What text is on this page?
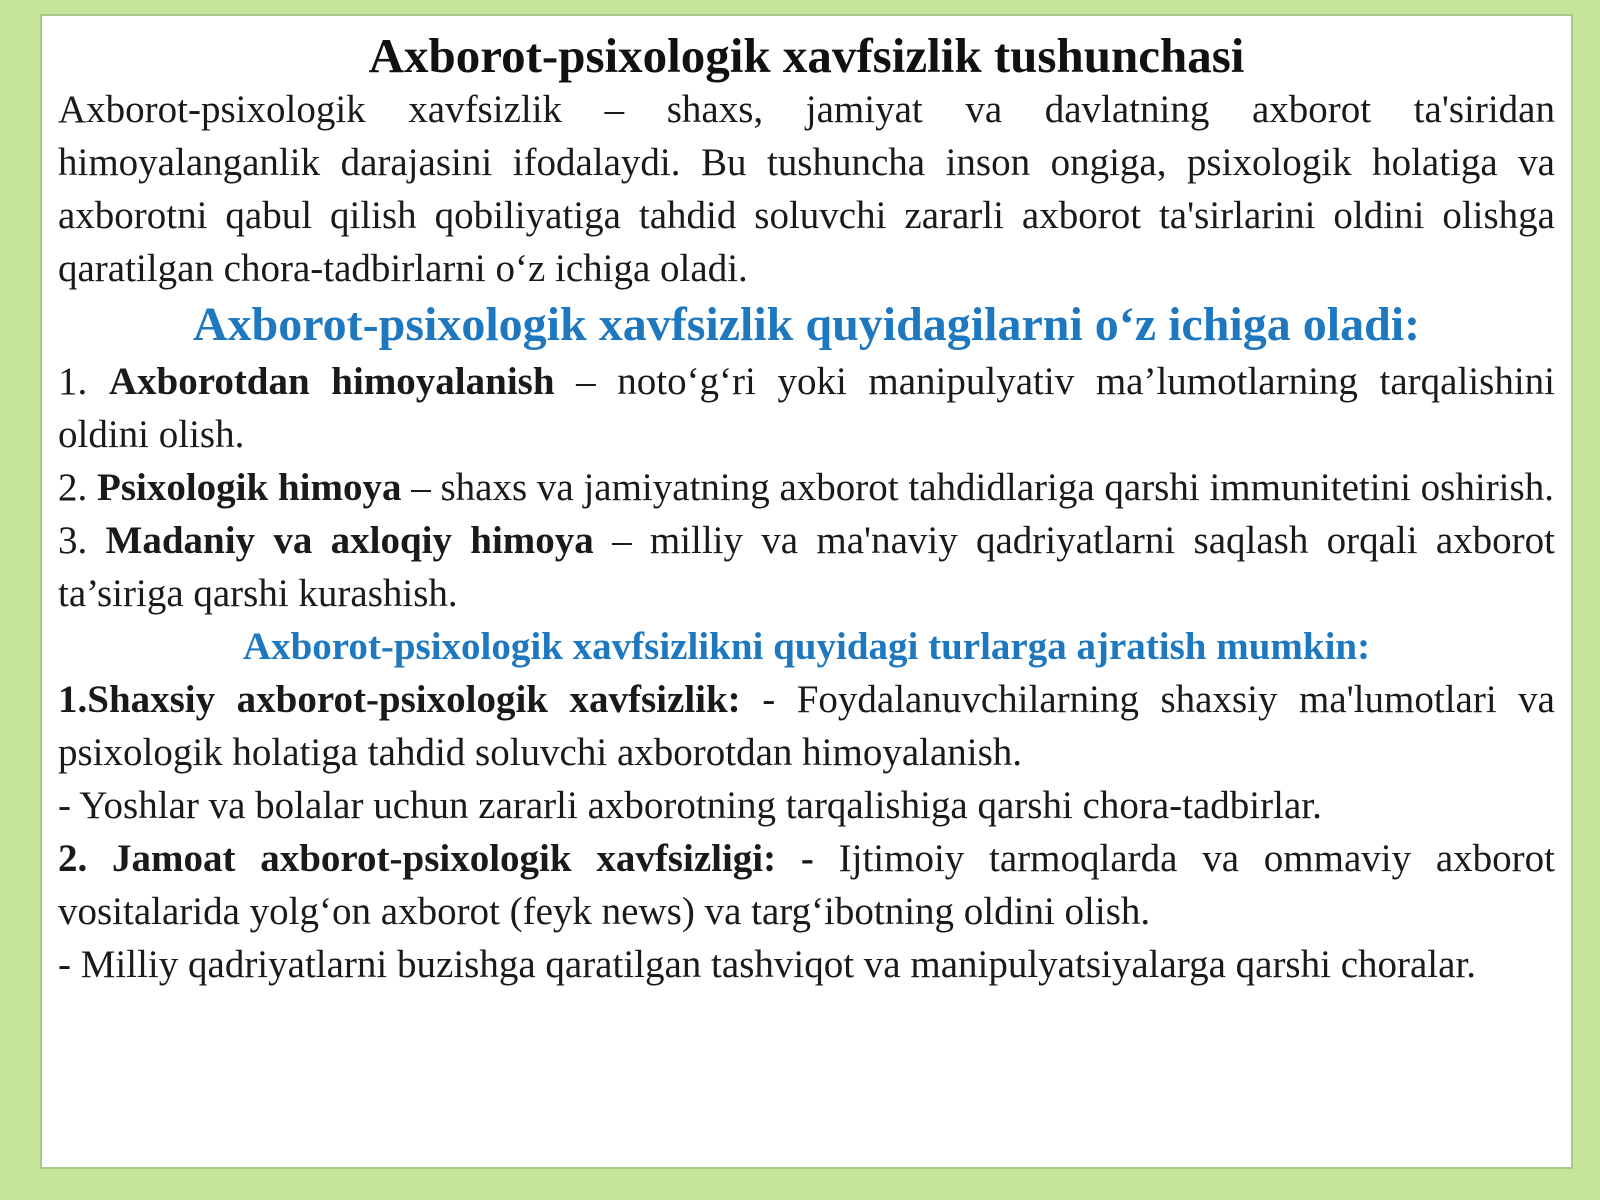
Axborot-psixologik xavfsizlik tushunchasi

Axborot-psixologik xavfsizlik – shaxs, jamiyat va davlatning axborot ta'siridan himoyalanganlik darajasini ifodalaydi. Bu tushuncha inson ongiga, psixologik holatiga va axborotni qabul qilish qobiliyatiga tahdid soluvchi zararli axborot ta'sirlarini oldini olishga qaratilgan chora-tadbirlarni o‘z ichiga oladi.

Axborot-psixologik xavfsizlik quyidagilarni o‘z ichiga oladi:

1. Axborotdan himoyalanish – noto‘g‘ri yoki manipulyativ ma’lumotlarning tarqalishini oldini olish.

2. Psixologik himoya – shaxs va jamiyatning axborot tahdidlariga qarshi immunitetini oshirish.

3. Madaniy va axloqiy himoya – milliy va ma'naviy qadriyatlarni saqlash orqali axborot ta’siriga qarshi kurashish.

Axborot-psixologik xavfsizlikni quyidagi turlarga ajratish mumkin:

1.Shaxsiy axborot-psixologik xavfsizlik: - Foydalanuvchilarning shaxsiy ma'lumotlari va psixologik holatiga tahdid soluvchi axborotdan himoyalanish.

- Yoshlar va bolalar uchun zararli axborotning tarqalishiga qarshi chora-tadbirlar.

2. Jamoat axborot-psixologik xavfsizligi: - Ijtimoiy tarmoqlarda va ommaviy axborot vositalarida yolg‘on axborot (feyk news) va targ‘ibotning oldini olish.

- Milliy qadriyatlarni buzishga qaratilgan tashviqot va manipulyatsiyalarga qarshi choralar.
